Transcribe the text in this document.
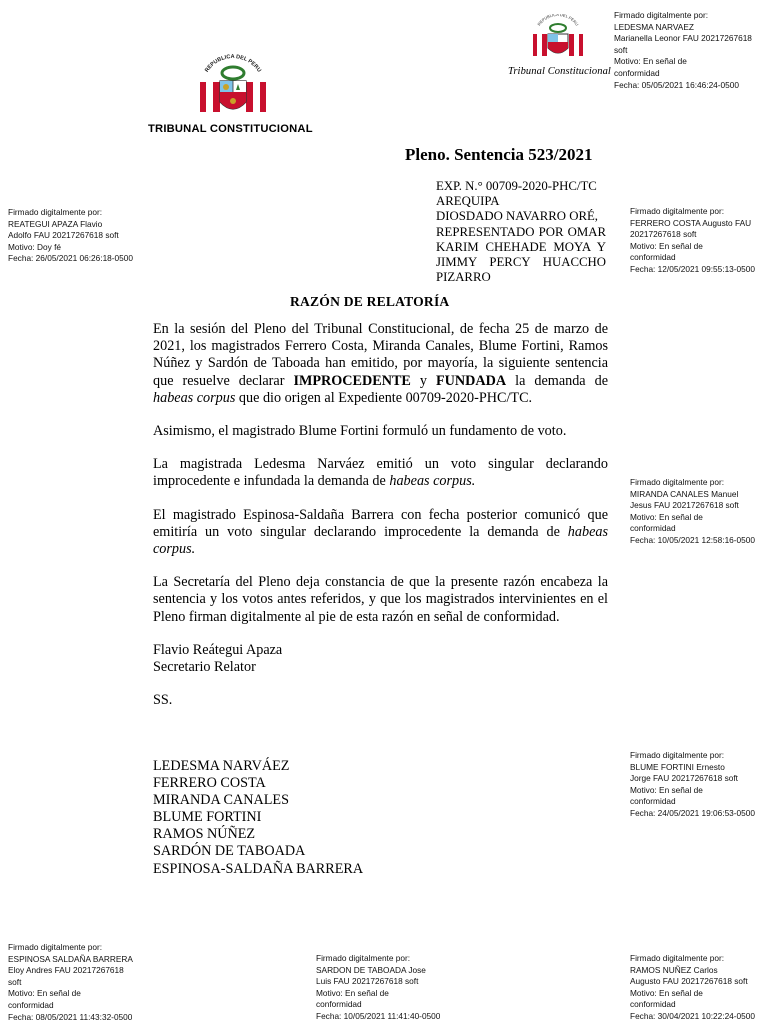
REPUBLICA DEL PERU
TRIBUNAL CONSTITUCIONAL
REPUBLICA DEL PERU
Tribunal Constitucional
Firmado digitalmente por:
LEDESMA NARVAEZ
Marianella Leonor FAU 20217267618
soft
Motivo: En señal de
conformidad
Fecha: 05/05/2021 16:46:24-0500
Firmado digitalmente por:
REATEGUI APAZA Flavio
Adolfo FAU 20217267618 soft
Motivo: Doy fé
Fecha: 26/05/2021 06:26:18-0500
Firmado digitalmente por:
FERRERO COSTA Augusto FAU
20217267618 soft
Motivo: En señal de
conformidad
Fecha: 12/05/2021 09:55:13-0500
Firmado digitalmente por:
MIRANDA CANALES Manuel
Jesus FAU 20217267618 soft
Motivo: En señal de
conformidad
Fecha: 10/05/2021 12:58:16-0500
Firmado digitalmente por:
BLUME FORTINI Ernesto
Jorge FAU 20217267618 soft
Motivo: En señal de
conformidad
Fecha: 24/05/2021 19:06:53-0500
Firmado digitalmente por:
ESPINOSA SALDAÑA BARRERA
Eloy Andres FAU 20217267618
soft
Motivo: En señal de
conformidad
Fecha: 08/05/2021 11:43:32-0500
Firmado digitalmente por:
SARDON DE TABOADA Jose
Luis FAU 20217267618 soft
Motivo: En señal de
conformidad
Fecha: 10/05/2021 11:41:40-0500
Firmado digitalmente por:
RAMOS NUÑEZ Carlos
Augusto FAU 20217267618 soft
Motivo: En señal de
conformidad
Fecha: 30/04/2021 10:22:24-0500
Pleno. Sentencia 523/2021
EXP. N.° 00709-2020-PHC/TC
AREQUIPA
DIOSDADO NAVARRO ORÉ,
REPRESENTADO POR OMAR
KARIM CHEHADE MOYA Y
JIMMY PERCY HUACCHO
PIZARRO
RAZÓN DE RELATORÍA

En la sesión del Pleno del Tribunal Constitucional, de fecha 25 de marzo de 2021, los magistrados Ferrero Costa, Miranda Canales, Blume Fortini, Ramos Núñez y Sardón de Taboada han emitido, por mayoría, la siguiente sentencia que resuelve declarar IMPROCEDENTE y FUNDADA la demanda de habeas corpus que dio origen al Expediente 00709-2020-PHC/TC.

Asimismo, el magistrado Blume Fortini formuló un fundamento de voto.

La magistrada Ledesma Narváez emitió un voto singular declarando improcedente e infundada la demanda de habeas corpus.

El magistrado Espinosa-Saldaña Barrera con fecha posterior comunicó que emitiría un voto singular declarando improcedente la demanda de habeas corpus.

La Secretaría del Pleno deja constancia de que la presente razón encabeza la sentencia y los votos antes referidos, y que los magistrados intervinientes en el Pleno firman digitalmente al pie de esta razón en señal de conformidad.

Flavio Reátegui Apaza
Secretario Relator

SS.

LEDESMA NARVÁEZ
FERRERO COSTA
MIRANDA CANALES
BLUME FORTINI
RAMOS NÚÑEZ
SARDÓN DE TABOADA
ESPINOSA-SALDAÑA BARRERA
